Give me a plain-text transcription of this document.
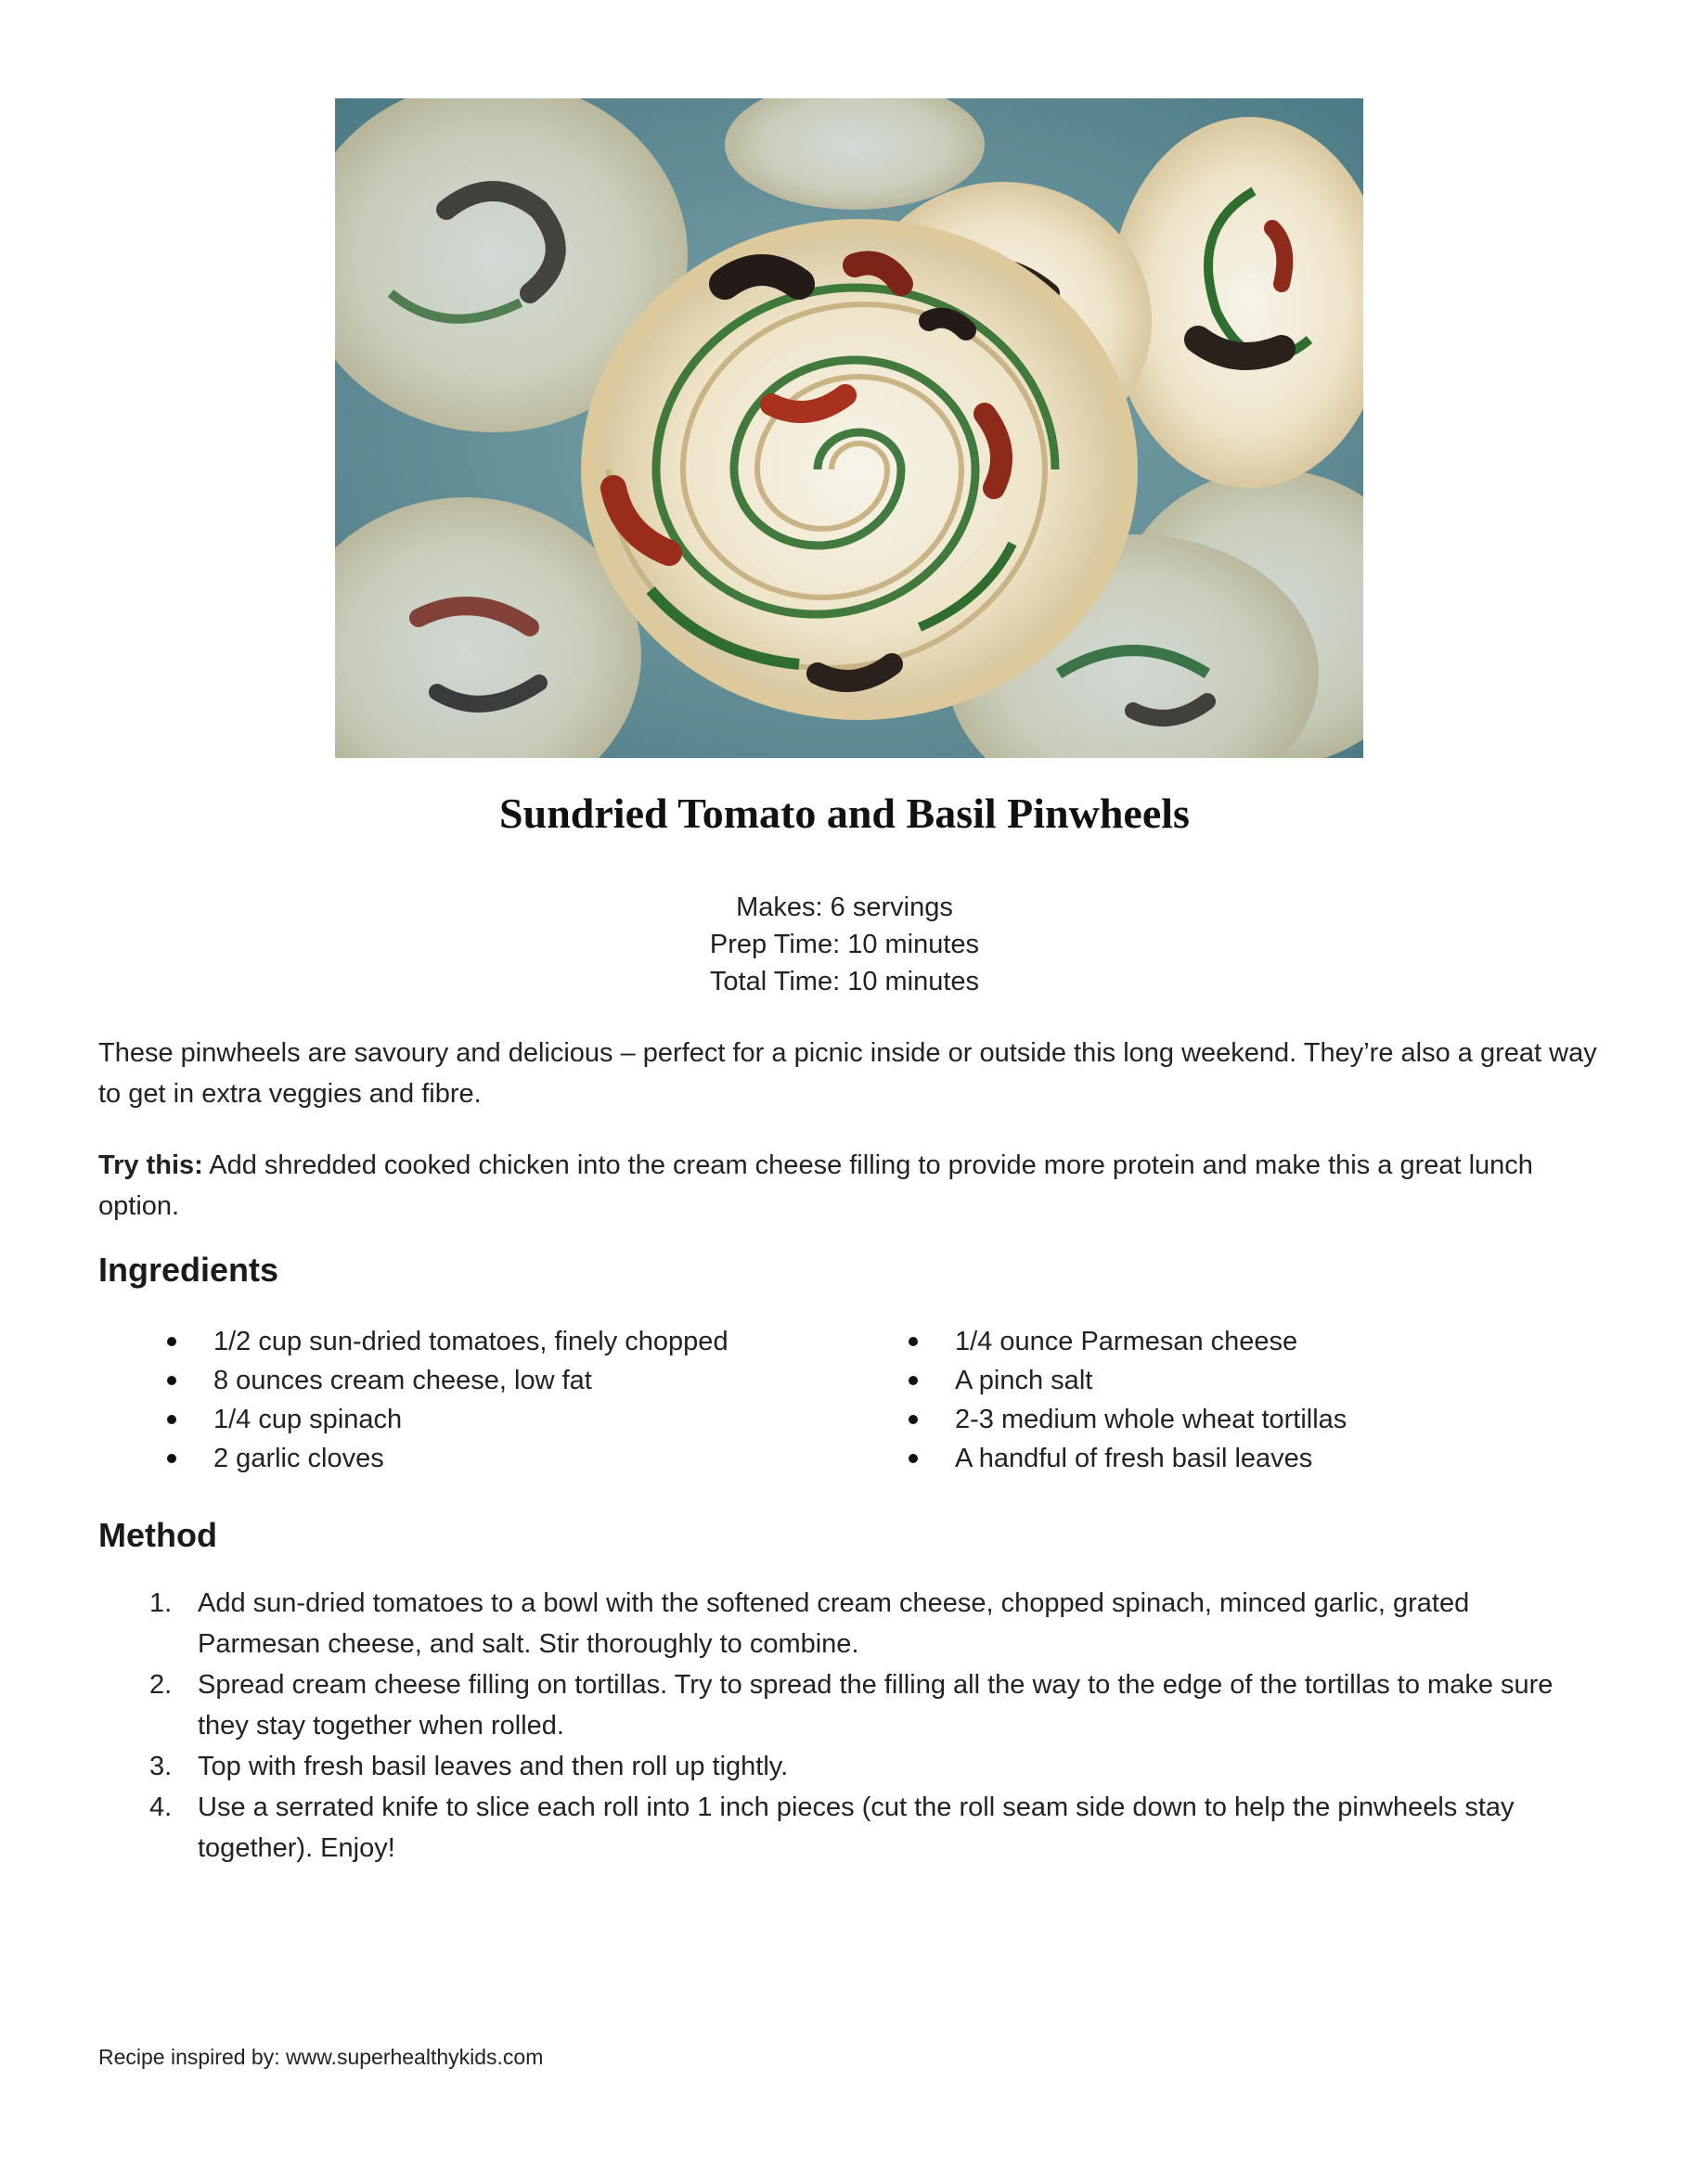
Sundried Tomato and Basil Pinwheels
Makes: 6 servings
Prep Time: 10 minutes
Total Time: 10 minutes

These pinwheels are savoury and delicious – perfect for a picnic inside or outside this long weekend. They’re also a great way to get in extra veggies and fibre.

Try this: Add shredded cooked chicken into the cream cheese filling to provide more protein and make this a great lunch option.

Ingredients
1/2 cup sun-dried tomatoes, finely chopped
8 ounces cream cheese, low fat
1/4 cup spinach
2 garlic cloves
1/4 ounce Parmesan cheese
A pinch salt
2-3 medium whole wheat tortillas
A handful of fresh basil leaves
Method
1. Add sun-dried tomatoes to a bowl with the softened cream cheese, chopped spinach, minced garlic, grated Parmesan cheese, and salt. Stir thoroughly to combine.
2. Spread cream cheese filling on tortillas. Try to spread the filling all the way to the edge of the tortillas to make sure they stay together when rolled.
3. Top with fresh basil leaves and then roll up tightly.
4. Use a serrated knife to slice each roll into 1 inch pieces (cut the roll seam side down to help the pinwheels stay together). Enjoy!

Recipe inspired by: www.superhealthykids.com
